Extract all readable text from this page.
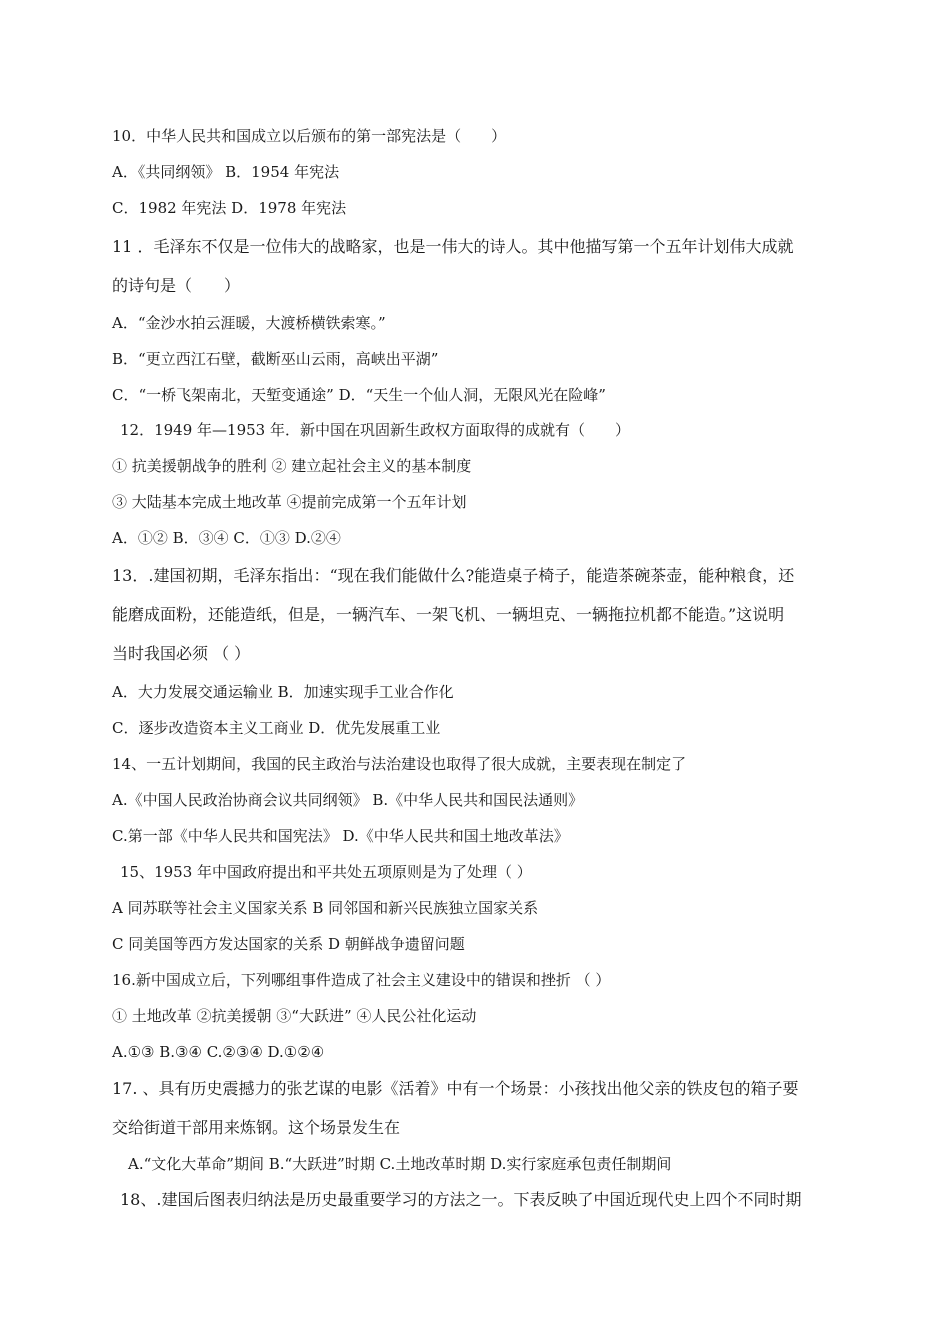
10．中华人民共和国成立以后颁布的第一部宪法是（　　）
A．《共同纲领》 B．1954 年宪法
C．1982 年宪法 D．1978 年宪法
11 ．毛泽东不仅是一位伟大的战略家，也是一伟大的诗人。其中他描写第一个五年计划伟大成就
的诗句是（　　）
A．“金沙水拍云涯暖，大渡桥横铁索寒。”
B．“更立西江石壁，截断巫山云雨，高峡出平湖”
C．“一桥飞架南北，天堑变通途” D．“天生一个仙人洞，无限风光在险峰”
12．1949 年—1953 年．新中国在巩固新生政权方面取得的成就有（　　）
① 抗美援朝战争的胜利 ② 建立起社会主义的基本制度
③ 大陆基本完成土地改革 ④提前完成第一个五年计划
A．①② B．③④ C．①③ D.②④
13．.建国初期，毛泽东指出：“现在我们能做什么?能造桌子椅子，能造茶碗茶壶，能种粮食，还
能磨成面粉，还能造纸，但是，一辆汽车、一架飞机、一辆坦克、一辆拖拉机都不能造。”这说明
当时我国必须 （ ）
A．大力发展交通运输业 B．加速实现手工业合作化
C．逐步改造资本主义工商业 D．优先发展重工业
14、一五计划期间，我国的民主政治与法治建设也取得了很大成就，主要表现在制定了
A.《中国人民政治协商会议共同纲领》 B.《中华人民共和国民法通则》
C.第一部《中华人民共和国宪法》 D.《中华人民共和国土地改革法》
15、1953 年中国政府提出和平共处五项原则是为了处理（ ）
A 同苏联等社会主义国家关系 B 同邻国和新兴民族独立国家关系
C 同美国等西方发达国家的关系 D 朝鲜战争遗留问题
16.新中国成立后，下列哪组事件造成了社会主义建设中的错误和挫折 （ ）
① 土地改革 ②抗美援朝 ③“大跃进” ④人民公社化运动
A.①③ B.③④ C.②③④ D.①②④
17. 、具有历史震撼力的张艺谋的电影《活着》中有一个场景：小孩找出他父亲的铁皮包的箱子要
交给街道干部用来炼钢。这个场景发生在
A.“文化大革命”期间 B.“大跃进”时期 C.土地改革时期 D.实行家庭承包责任制期间
18、.建国后图表归纳法是历史最重要学习的方法之一。下表反映了中国近现代史上四个不同时期
